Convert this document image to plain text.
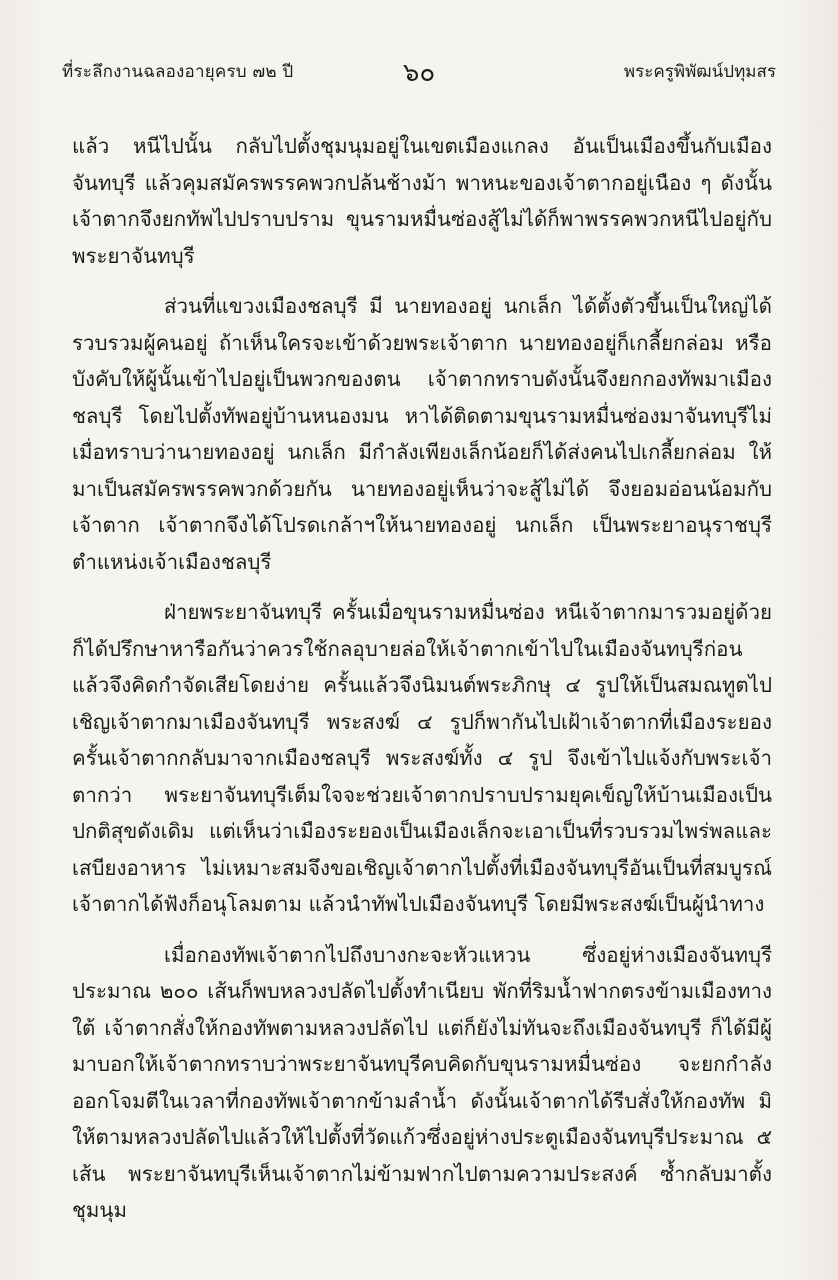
ที่ระลึกงานฉลองอายุครบ ๗๒ ปี	๖๐	พระครูพิพัฒน์ปทุมสร

แล้ว หนีไปนั้น กลับไปตั้งชุมนุมอยู่ในเขตเมืองแกลง อันเป็นเมืองขึ้นกับเมืองจันทบุรี แล้วคุมสมัครพรรคพวกปล้นช้างม้า พาหนะของเจ้าตากอยู่เนือง ๆ ดังนั้นเจ้าตากจึงยกทัพไปปราบปราม ขุนรามหมื่นซ่องสู้ไม่ได้ก็พาพรรคพวกหนีไปอยู่กับพระยาจันทบุรี

ส่วนที่แขวงเมืองชลบุรี มี นายทองอยู่ นกเล็ก ได้ตั้งตัวขึ้นเป็นใหญ่ได้รวบรวมผู้คนอยู่ ถ้าเห็นใครจะเข้าด้วยพระเจ้าตาก นายทองอยู่ก็เกลี้ยกล่อม หรือบังคับให้ผู้นั้นเข้าไปอยู่เป็นพวกของตน เจ้าตากทราบดังนั้นจึงยกกองทัพมาเมืองชลบุรี โดยไปตั้งทัพอยู่บ้านหนองมน หาได้ติดตามขุนรามหมื่นซ่องมาจันทบุรีไม่ เมื่อทราบว่านายทองอยู่ นกเล็ก มีกำลังเพียงเล็กน้อยก็ได้ส่งคนไปเกลี้ยกล่อม ให้มาเป็นสมัครพรรคพวกด้วยกัน นายทองอยู่เห็นว่าจะสู้ไม่ได้ จึงยอมอ่อนน้อมกับเจ้าตาก เจ้าตากจึงได้โปรดเกล้าฯให้นายทองอยู่ นกเล็ก เป็นพระยาอนุราชบุรี ตำแหน่งเจ้าเมืองชลบุรี

ฝ่ายพระยาจันทบุรี ครั้นเมื่อขุนรามหมื่นซ่อง หนีเจ้าตากมารวมอยู่ด้วยก็ได้ปรึกษาหารือกันว่าควรใช้กลอุบายล่อให้เจ้าตากเข้าไปในเมืองจันทบุรีก่อน แล้วจึงคิดกำจัดเสียโดยง่าย ครั้นแล้วจึงนิมนต์พระภิกษุ ๔ รูปให้เป็นสมณทูตไปเชิญเจ้าตากมาเมืองจันทบุรี พระสงฆ์ ๔ รูปก็พากันไปเฝ้าเจ้าตากที่เมืองระยอง ครั้นเจ้าตากกลับมาจากเมืองชลบุรี พระสงฆ์ทั้ง ๔ รูป จึงเข้าไปแจ้งกับพระเจ้าตากว่า พระยาจันทบุรีเต็มใจจะช่วยเจ้าตากปราบปรามยุคเข็ญให้บ้านเมืองเป็นปกติสุขดังเดิม แต่เห็นว่าเมืองระยองเป็นเมืองเล็กจะเอาเป็นที่รวบรวมไพร่พลและเสบียงอาหาร ไม่เหมาะสมจึงขอเชิญเจ้าตากไปตั้งที่เมืองจันทบุรีอันเป็นที่สมบูรณ์ เจ้าตากได้ฟังก็อนุโลมตาม แล้วนำทัพไปเมืองจันทบุรี โดยมีพระสงฆ์เป็นผู้นำทาง

เมื่อกองทัพเจ้าตากไปถึงบางกะจะหัวแหวน ซึ่งอยู่ห่างเมืองจันทบุรีประมาณ ๒๐๐ เส้นก็พบหลวงปลัดไปตั้งทำเนียบ พักที่ริมน้ำฟากตรงข้ามเมืองทางใต้ เจ้าตากสั่งให้กองทัพตามหลวงปลัดไป แต่ก็ยังไม่ทันจะถึงเมืองจันทบุรี ก็ได้มีผู้มาบอกให้เจ้าตากทราบว่าพระยาจันทบุรีคบคิดกับขุนรามหมื่นซ่อง จะยกกำลังออกโจมตีในเวลาที่กองทัพเจ้าตากข้ามลำน้ำ ดังนั้นเจ้าตากได้รีบสั่งให้กองทัพ มิให้ตามหลวงปลัดไปแล้วให้ไปตั้งที่วัดแก้วซึ่งอยู่ห่างประตูเมืองจันทบุรีประมาณ ๕ เส้น พระยาจันทบุรีเห็นเจ้าตากไม่ข้ามฟากไปตามความประสงค์ ซ้ำกลับมาตั้งชุมนุม
